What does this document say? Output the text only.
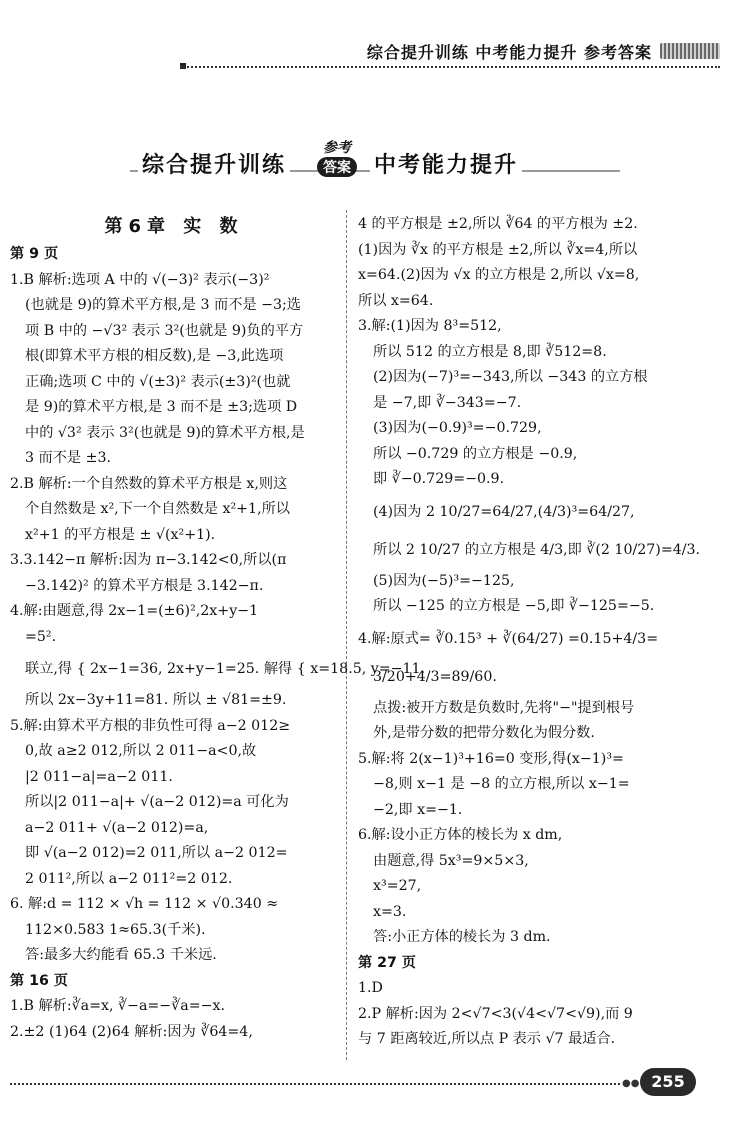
综合提升训练 中考能力提升 参考答案
综合提升训练
参考
答案 中考能力提升
第6章 实 数
第 9 页
1.B 解析:选项 A 中的 √(−3)² 表示(−3)²
(也就是 9)的算术平方根,是 3 而不是 −3;选
项 B 中的 −√3² 表示 3²(也就是 9)负的平方
根(即算术平方根的相反数),是 −3,此选项
正确;选项 C 中的 √(±3)² 表示(±3)²(也就
是 9)的算术平方根,是 3 而不是 ±3;选项 D
中的 √3² 表示 3²(也就是 9)的算术平方根,是
3 而不是 ±3.
2.B 解析:一个自然数的算术平方根是 x,则这
个自然数是 x²,下一个自然数是 x²+1,所以
x²+1 的平方根是 ± √(x²+1).
3.3.142−π 解析:因为 π−3.142<0,所以(π
−3.142)² 的算术平方根是 3.142−π.
4.解:由题意,得 2x−1=(±6)²,2x+y−1
=5².
联立,得 { 2x−1=36, 2x+y−1=25. 解得 { x=18.5, y=−11.
所以 2x−3y+11=81. 所以 ± √81=±9.
5.解:由算术平方根的非负性可得 a−2 012≥
0,故 a≥2 012,所以 2 011−a<0,故
|2 011−a|=a−2 011.
所以|2 011−a|+ √(a−2 012)=a 可化为
a−2 011+ √(a−2 012)=a,
即 √(a−2 012)=2 011,所以 a−2 012=
2 011²,所以 a−2 011²=2 012.
6. 解:d = 112 × √h = 112 × √0.340 ≈
112×0.583 1≈65.3(千米).
答:最多大约能看 65.3 千米远.
第 16 页
1.B 解析:∛a=x, ∛−a=−∛a=−x.
2.±2 (1)64 (2)64 解析:因为 ∛64=4,
4 的平方根是 ±2,所以 ∛64 的平方根为 ±2.
(1)因为 ∛x 的平方根是 ±2,所以 ∛x=4,所以
x=64.(2)因为 √x 的立方根是 2,所以 √x=8,
所以 x=64.
3.解:(1)因为 8³=512,
所以 512 的立方根是 8,即 ∛512=8.
(2)因为(−7)³=−343,所以 −343 的立方根
是 −7,即 ∛−343=−7.
(3)因为(−0.9)³=−0.729,
所以 −0.729 的立方根是 −0.9,
即 ∛−0.729=−0.9.
(4)因为 2 10/27=64/27,(4/3)³=64/27,
所以 2 10/27 的立方根是 4/3,即 ∛(2 10/27)=4/3.
(5)因为(−5)³=−125,
所以 −125 的立方根是 −5,即 ∛−125=−5.
4.解:原式= ∛0.15³ + ∛(64/27) =0.15+4/3=
3/20+4/3=89/60.
点拨:被开方数是负数时,先将"−"提到根号
外,是带分数的把带分数化为假分数.
5.解:将 2(x−1)³+16=0 变形,得(x−1)³=
−8,则 x−1 是 −8 的立方根,所以 x−1=
−2,即 x=−1.
6.解:设小正方体的棱长为 x dm,
由题意,得 5x³=9×5×3,
x³=27,
x=3.
答:小正方体的棱长为 3 dm.
第 27 页
1.D
2.P 解析:因为 2<√7<3(√4<√7<√9),而 9
与 7 距离较近,所以点 P 表示 √7 最适合.
●● 255
